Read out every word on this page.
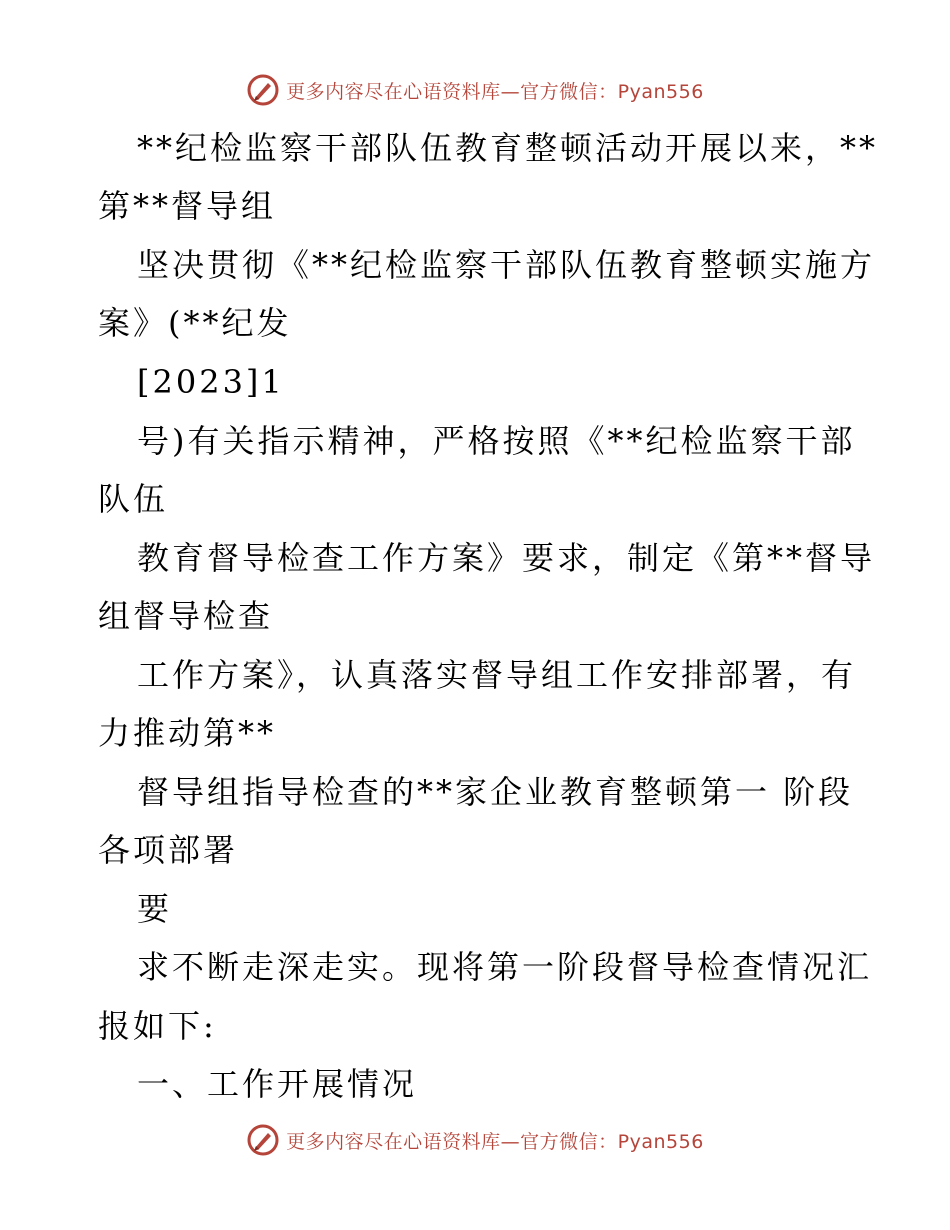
更多内容尽在心语资料库—官方微信：Pyan556
**纪检监察干部队伍教育整顿活动开展以来，**
第**督导组
坚决贯彻《**纪检监察干部队伍教育整顿实施方
案》(**纪发
[2023]1
号)有关指示精神，严格按照《**纪检监察干部
队伍
教育督导检查工作方案》要求，制定《第**督导
组督导检查
工作方案》，认真落实督导组工作安排部署，有
力推动第**
督导组指导检查的**家企业教育整顿第一 阶段
各项部署
要
求不断走深走实。现将第一阶段督导检查情况汇
报如下:
一、工作开展情况
更多内容尽在心语资料库—官方微信：Pyan556
